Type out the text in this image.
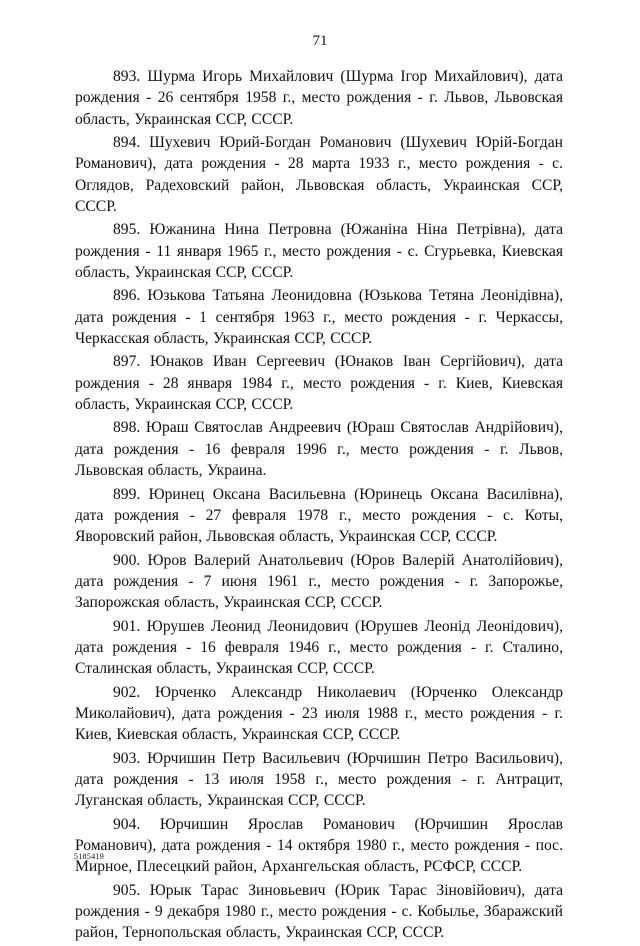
71

893. Шурма Игорь Михайлович (Шурма Ігор Михайлович), дата рождения - 26 сентября 1958 г., место рождения - г. Львов, Львовская область, Украинская ССР, СССР.

894. Шухевич Юрий-Богдан Романович (Шухевич Юрій-Богдан Романович), дата рождения - 28 марта 1933 г., место рождения - с. Оглядов, Радеховский район, Львовская область, Украинская ССР, СССР.

895. Южанина Нина Петровна (Южаніна Ніна Петрівна), дата рождения - 11 января 1965 г., место рождения - с. Сгурьевка, Киевская область, Украинская ССР, СССР.

896. Юзькова Татьяна Леонидовна (Юзькова Тетяна Леонідівна), дата рождения - 1 сентября 1963 г., место рождения - г. Черкассы, Черкасская область, Украинская ССР, СССР.

897. Юнаков Иван Сергеевич (Юнаков Іван Сергійович), дата рождения - 28 января 1984 г., место рождения - г. Киев, Киевская область, Украинская ССР, СССР.

898. Юраш Святослав Андреевич (Юраш Святослав Андрійович), дата рождения - 16 февраля 1996 г., место рождения - г. Львов, Львовская область, Украина.

899. Юринец Оксана Васильевна (Юринець Оксана Василівна), дата рождения - 27 февраля 1978 г., место рождения - с. Коты, Яворовский район, Львовская область, Украинская ССР, СССР.

900. Юров Валерий Анатольевич (Юров Валерій Анатолійович), дата рождения - 7 июня 1961 г., место рождения - г. Запорожье, Запорожская область, Украинская ССР, СССР.

901. Юрушев Леонид Леонидович (Юрушев Леонід Леонідович), дата рождения - 16 февраля 1946 г., место рождения - г. Сталино, Сталинская область, Украинская ССР, СССР.

902. Юрченко Александр Николаевич (Юрченко Олександр Миколайович), дата рождения - 23 июля 1988 г., место рождения - г. Киев, Киевская область, Украинская ССР, СССР.

903. Юрчишин Петр Васильевич (Юрчишин Петро Васильович), дата рождения - 13 июля 1958 г., место рождения - г. Антрацит, Луганская область, Украинская ССР, СССР.

904. Юрчишин Ярослав Романович (Юрчишин Ярослав Романович), дата рождения - 14 октября 1980 г., место рождения - пос. Мирное, Плесецкий район, Архангельская область, РСФСР, СССР.

905. Юрык Тарас Зиновьевич (Юрик Тарас Зіновійович), дата рождения - 9 декабря 1980 г., место рождения - с. Кобылье, Збаражский район, Тернопольская область, Украинская ССР, СССР.

5185419
